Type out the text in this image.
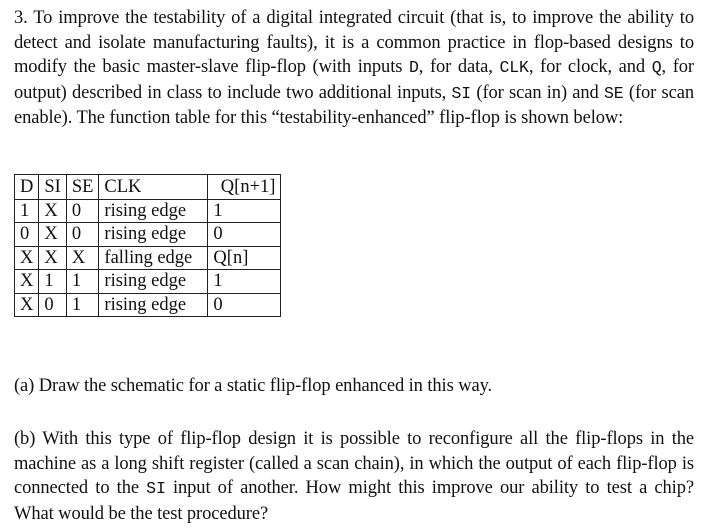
3. To improve the testability of a digital integrated circuit (that is, to improve the ability to detect and isolate manufacturing faults), it is a common practice in flop-based designs to modify the basic master-slave flip-flop (with inputs D, for data, CLK, for clock, and Q, for output) described in class to include two additional inputs, SI (for scan in) and SE (for scan enable). The function table for this “testability-enhanced” flip-flop is shown below:

D	SI	SE	CLK	Q[n+1]
1	X	0	rising edge	1
0	X	0	rising edge	0
X	X	X	falling edge	Q[n]
X	1	1	rising edge	1
X	0	1	rising edge	0

(a) Draw the schematic for a static flip-flop enhanced in this way.

(b) With this type of flip-flop design it is possible to reconfigure all the flip-flops in the machine as a long shift register (called a scan chain), in which the output of each flip-flop is connected to the SI input of another. How might this improve our ability to test a chip? What would be the test procedure?
